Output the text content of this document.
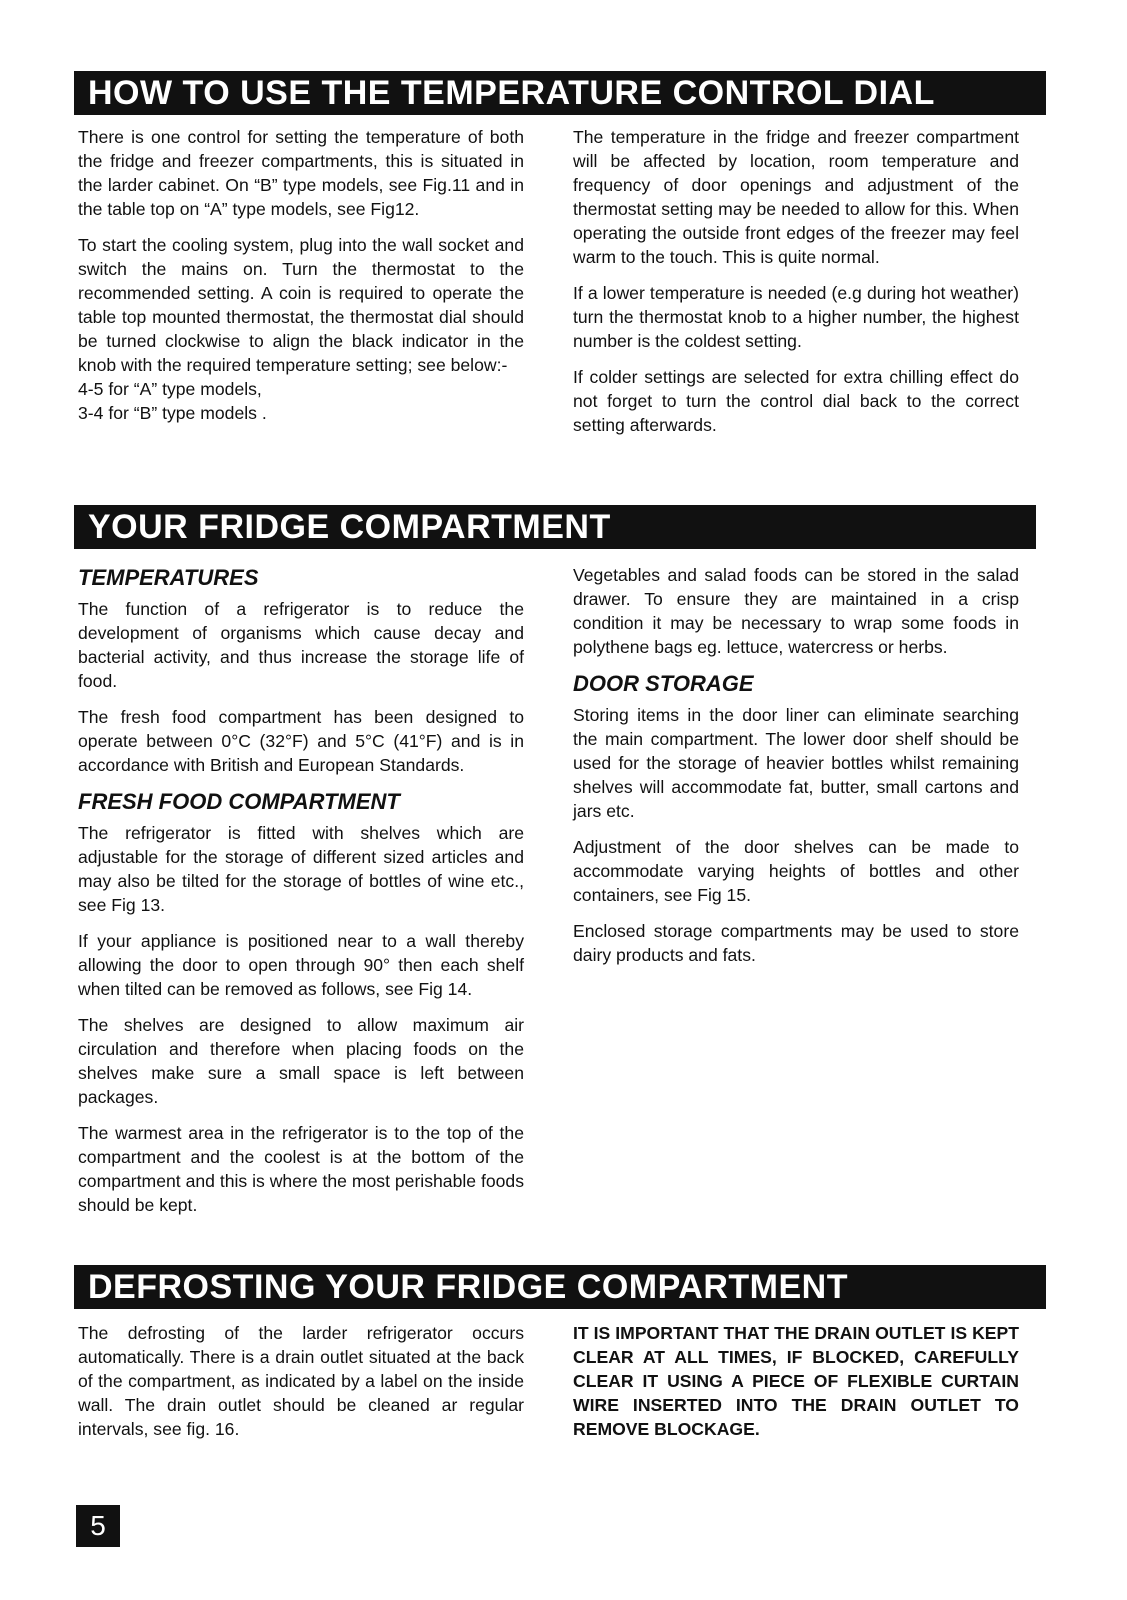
HOW TO USE THE TEMPERATURE CONTROL DIAL

There is one control for setting the temperature of both the fridge and freezer compartments, this is situated in the larder cabinet. On “B” type models, see Fig.11 and in the table top on “A” type models, see Fig12.

To start the cooling system, plug into the wall socket and switch the mains on. Turn the thermostat to the recommended setting. A coin is required to operate the table top mounted thermostat, the thermostat dial should be turned clockwise to align the black indicator in the knob with the required temperature setting; see below:-

4-5 for “A” type models,
3-4 for “B” type models .

The temperature in the fridge and freezer compartment will be affected by location, room temperature and frequency of door openings and adjustment of the thermostat setting may be needed to allow for this. When operating the outside front edges of the freezer may feel warm to the touch. This is quite normal.

If a lower temperature is needed (e.g during hot weather) turn the thermostat knob to a higher number, the highest number is the coldest setting.

If colder settings are selected for extra chilling effect do not forget to turn the control dial back to the correct setting afterwards.

YOUR FRIDGE COMPARTMENT
TEMPERATURES

The function of a refrigerator is to reduce the development of organisms which cause decay and bacterial activity, and thus increase the storage life of food.

The fresh food compartment has been designed to operate between 0°C (32°F) and 5°C (41°F) and is in accordance with British and European Standards.

FRESH FOOD COMPARTMENT

The refrigerator is fitted with shelves which are adjustable for the storage of different sized articles and may also be tilted for the storage of bottles of wine etc., see Fig 13.

If your appliance is positioned near to a wall thereby allowing the door to open through 90° then each shelf when tilted can be removed as follows, see Fig 14.

The shelves are designed to allow maximum air circulation and therefore when placing foods on the shelves make sure a small space is left between packages.

The warmest area in the refrigerator is to the top of the compartment and the coolest is at the bottom of the compartment and this is where the most perishable foods should be kept.

Vegetables and salad foods can be stored in the salad drawer. To ensure they are maintained in a crisp condition it may be necessary to wrap some foods in polythene bags eg. lettuce, watercress or herbs.

DOOR STORAGE

Storing items in the door liner can eliminate searching the main compartment. The lower door shelf should be used for the storage of heavier bottles whilst remaining shelves will accommodate fat, butter, small cartons and jars etc.

Adjustment of the door shelves can be made to accommodate varying heights of bottles and other containers, see Fig 15.

Enclosed storage compartments may be used to store dairy products and fats.

DEFROSTING YOUR FRIDGE COMPARTMENT

The defrosting of the larder refrigerator occurs automatically. There is a drain outlet situated at the back of the compartment, as indicated by a label on the inside wall. The drain outlet should be cleaned ar regular intervals, see fig. 16.

IT IS IMPORTANT THAT THE DRAIN OUTLET IS KEPT CLEAR AT ALL TIMES, IF BLOCKED, CAREFULLY CLEAR IT USING A PIECE OF FLEXIBLE CURTAIN WIRE INSERTED INTO THE DRAIN OUTLET TO REMOVE BLOCKAGE.

5
